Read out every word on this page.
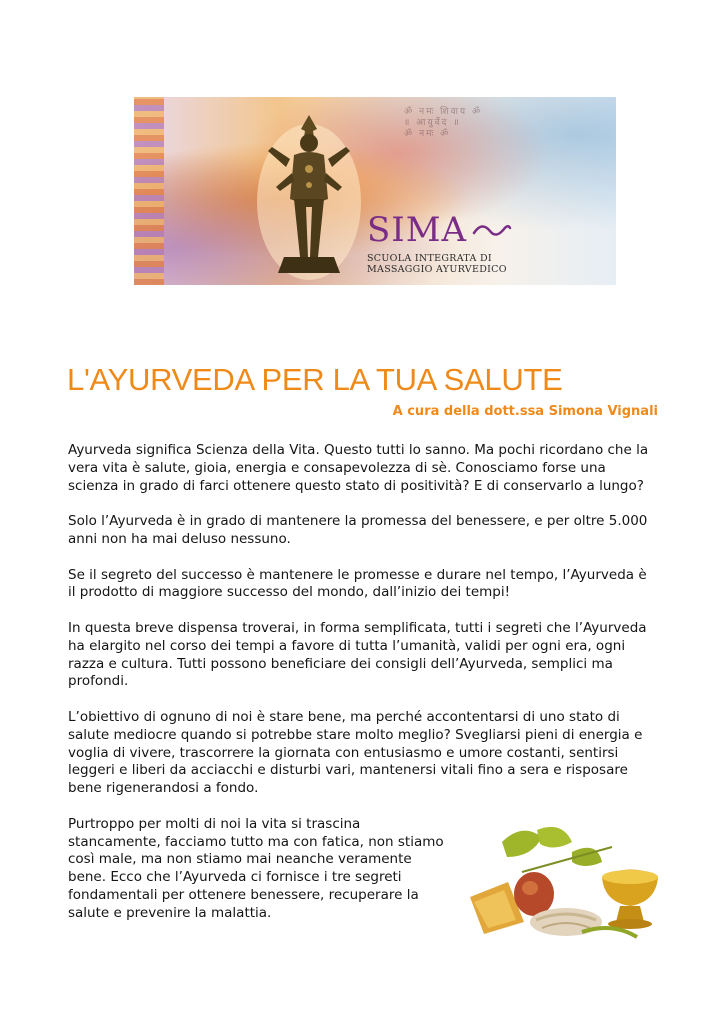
ॐ नमः शिवाय ॐ
॥ आयुर्वेद ॥
ॐ नमः ॐ
SIMA
SCUOLA INTEGRATA DI
MASSAGGIO AYURVEDICO
L'AYURVEDA PER LA TUA SALUTE
A cura della dott.ssa Simona Vignali

Ayurveda significa Scienza della Vita. Questo tutti lo sanno. Ma pochi ricordano che la vera vita è salute, gioia, energia e consapevolezza di sè. Conosciamo forse una scienza in grado di farci ottenere questo stato di positività? E di conservarlo a lungo?

Solo l’Ayurveda è in grado di mantenere la promessa del benessere, e per oltre 5.000 anni non ha mai deluso nessuno.

Se il segreto del successo è mantenere le promesse e durare nel tempo, l’Ayurveda è il prodotto di maggiore successo del mondo, dall’inizio dei tempi!

In questa breve dispensa troverai, in forma semplificata, tutti i segreti che l’Ayurveda ha elargito nel corso dei tempi a favore di tutta l’umanità, validi per ogni era, ogni razza e cultura. Tutti possono beneficiare dei consigli dell’Ayurveda, semplici ma profondi.

L’obiettivo di ognuno di noi è stare bene, ma perché accontentarsi di uno stato di salute mediocre quando si potrebbe stare molto meglio? Svegliarsi pieni di energia e voglia di vivere, trascorrere la giornata con entusiasmo e umore costanti, sentirsi leggeri e liberi da acciacchi e disturbi vari, mantenersi vitali fino a sera e risposare bene rigenerandosi a fondo.

Purtroppo per molti di noi la vita si trascina stancamente, facciamo tutto ma con fatica, non stiamo così male, ma non stiamo mai neanche veramente bene. Ecco che l’Ayurveda ci fornisce i tre segreti fondamentali per ottenere benessere, recuperare la salute e prevenire la malattia.
